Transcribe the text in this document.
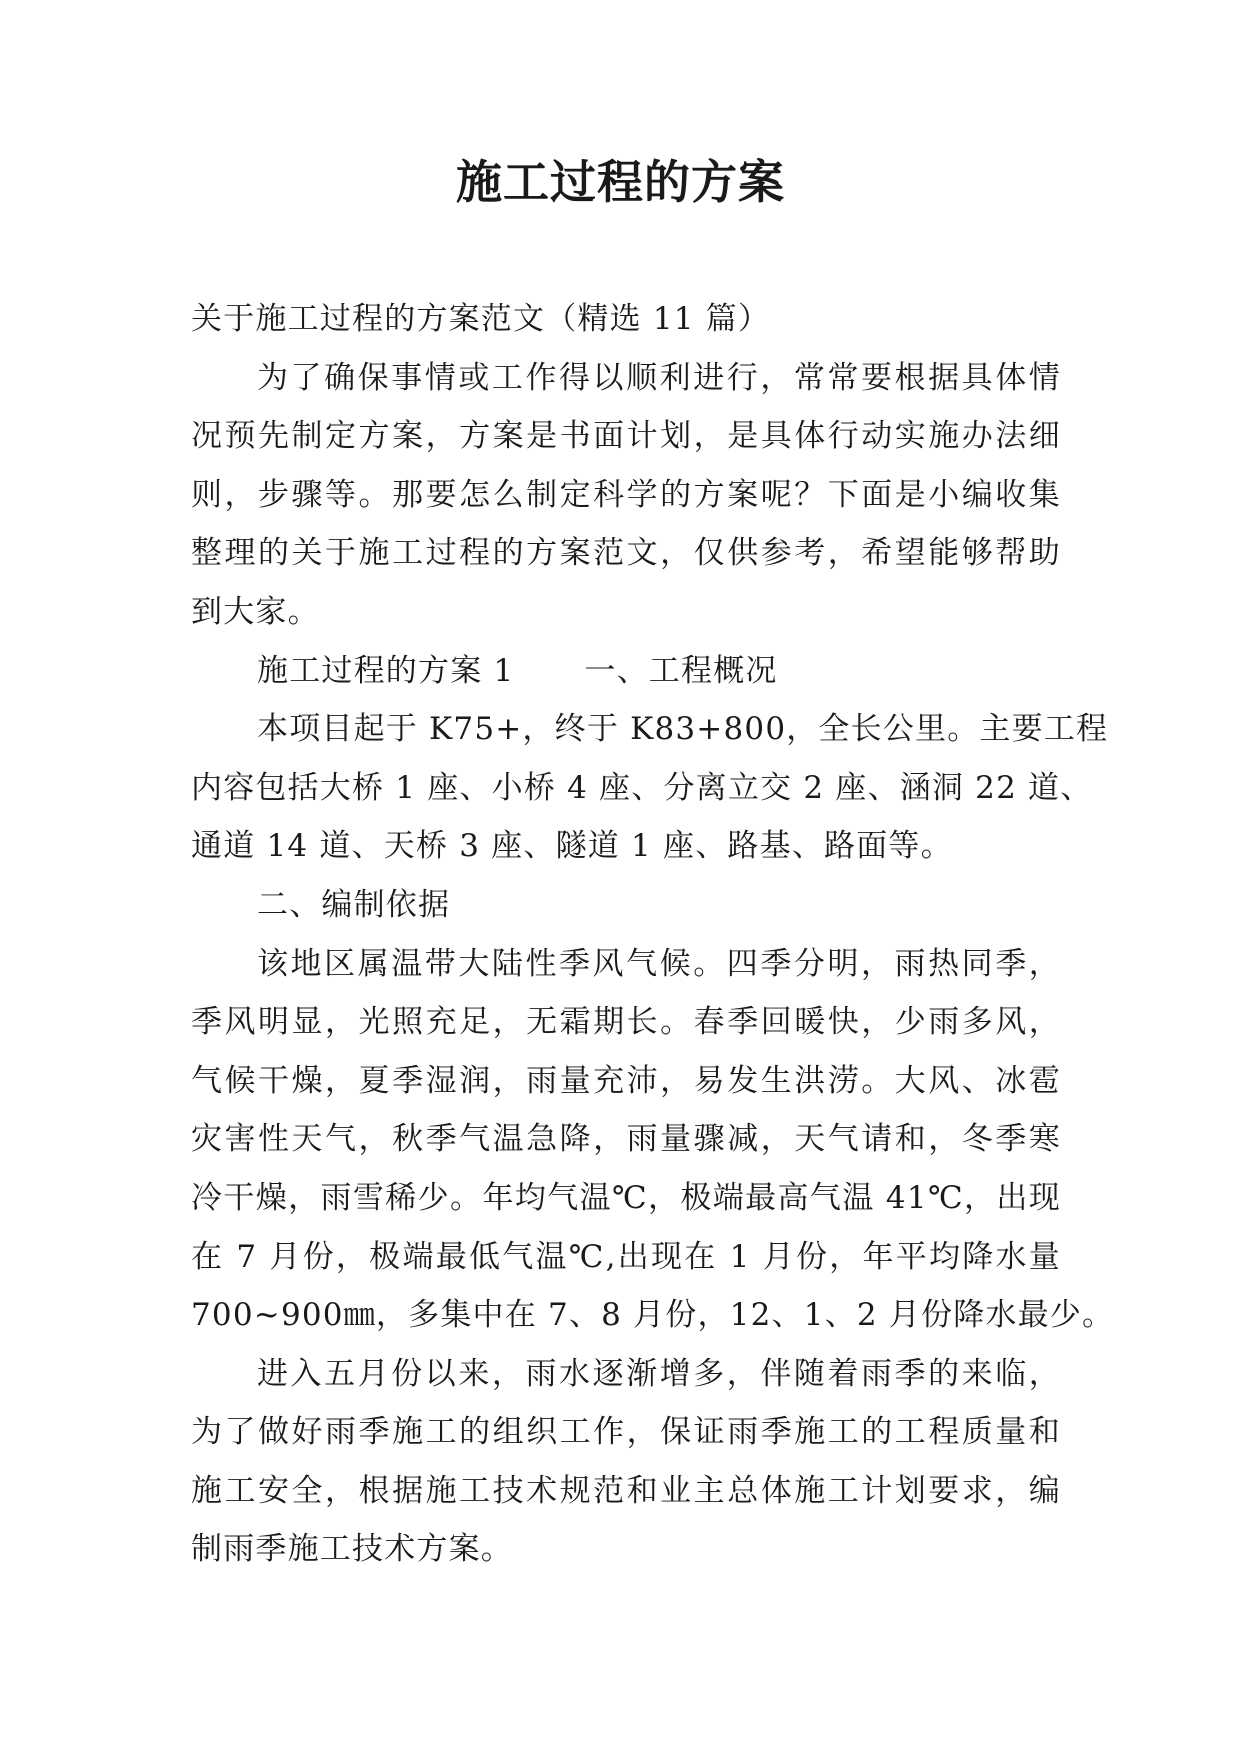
施工过程的方案
关于施工过程的方案范文（精选 11 篇）
为了确保事情或工作得以顺利进行，常常要根据具体情
况预先制定方案，方案是书面计划，是具体行动实施办法细
则，步骤等。那要怎么制定科学的方案呢？下面是小编收集
整理的关于施工过程的方案范文，仅供参考，希望能够帮助
到大家。
施工过程的方案 1 一、工程概况
本项目起于 K75+，终于 K83+800，全长公里。主要工程
内容包括大桥 1 座、小桥 4 座、分离立交 2 座、涵洞 22 道、
通道 14 道、天桥 3 座、隧道 1 座、路基、路面等。
二、编制依据
该地区属温带大陆性季风气候。四季分明，雨热同季，
季风明显，光照充足，无霜期长。春季回暖快，少雨多风，
气候干燥，夏季湿润，雨量充沛，易发生洪涝。大风、冰雹
灾害性天气，秋季气温急降，雨量骤减，天气请和，冬季寒
冷干燥，雨雪稀少。年均气温℃，极端最高气温 41℃，出现
在 7 月份，极端最低气温℃,出现在 1 月份，年平均降水量
700~900㎜，多集中在 7、8 月份，12、1、2 月份降水最少。
进入五月份以来，雨水逐渐增多，伴随着雨季的来临，
为了做好雨季施工的组织工作，保证雨季施工的工程质量和
施工安全，根据施工技术规范和业主总体施工计划要求，编
制雨季施工技术方案。
